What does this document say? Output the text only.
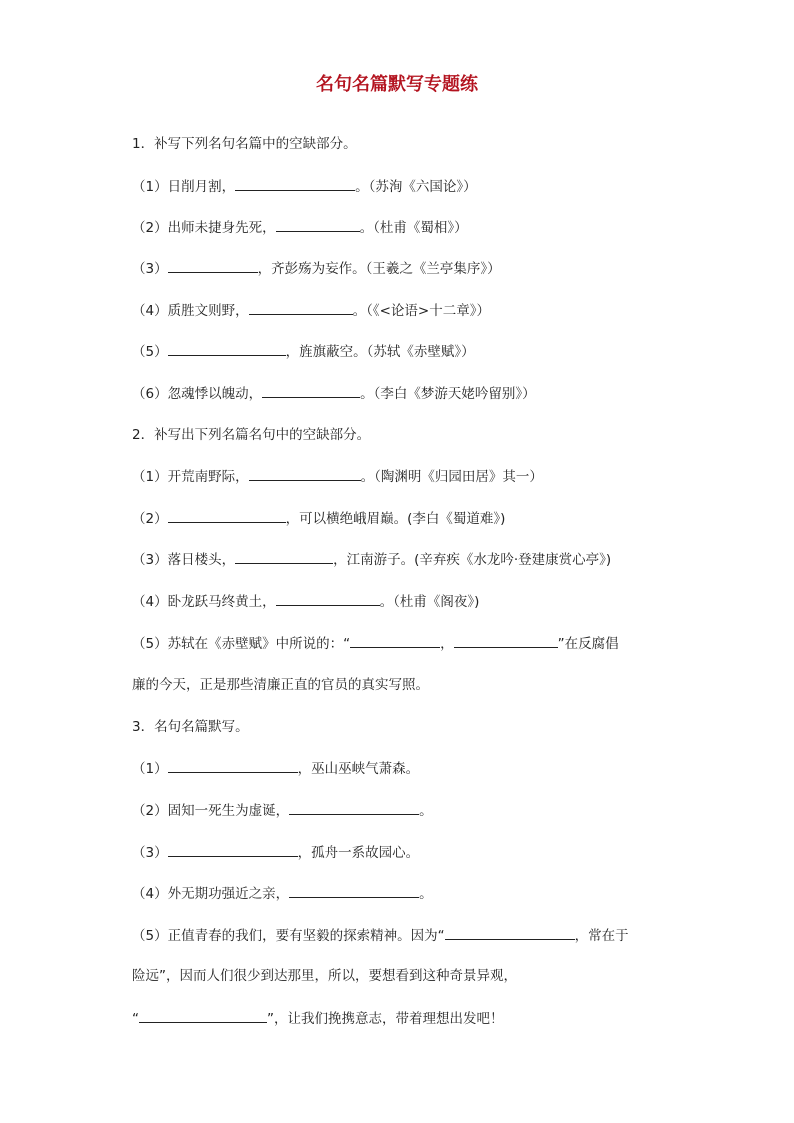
名句名篇默写专题练
1．补写下列名句名篇中的空缺部分。
（1）日削月割，	。（苏洵《六国论》）
（2）出师未捷身先死，	。（杜甫《蜀相》）
（3）	，齐彭殇为妄作。（王羲之《兰亭集序》）
（4）质胜文则野，	。（《<论语>十二章》）
（5）	，旌旗蔽空。（苏轼《赤壁赋》）
（6）忽魂悸以魄动，	。（李白《梦游天姥吟留别》）
2．补写出下列名篇名句中的空缺部分。
（1）开荒南野际，	。（陶渊明《归园田居》其一）
（2）	，可以横绝峨眉巅。(李白《蜀道难》)
（3）落日楼头，	，江南游子。(辛弃疾《水龙吟·登建康赏心亭》)
（4）卧龙跃马终黄土，	。（杜甫《阁夜》)
（5）苏轼在《赤壁赋》中所说的：“	，	”在反腐倡
廉的今天，正是那些清廉正直的官员的真实写照。
3．名句名篇默写。
（1）	，巫山巫峡气萧森。
（2）固知一死生为虚诞，	。
（3）	，孤舟一系故园心。
（4）外无期功强近之亲，	。
（5）正值青春的我们，要有坚毅的探索精神。因为“	，常在于
险远”，因而人们很少到达那里，所以，要想看到这种奇景异观，
“	”，让我们挽携意志，带着理想出发吧！
